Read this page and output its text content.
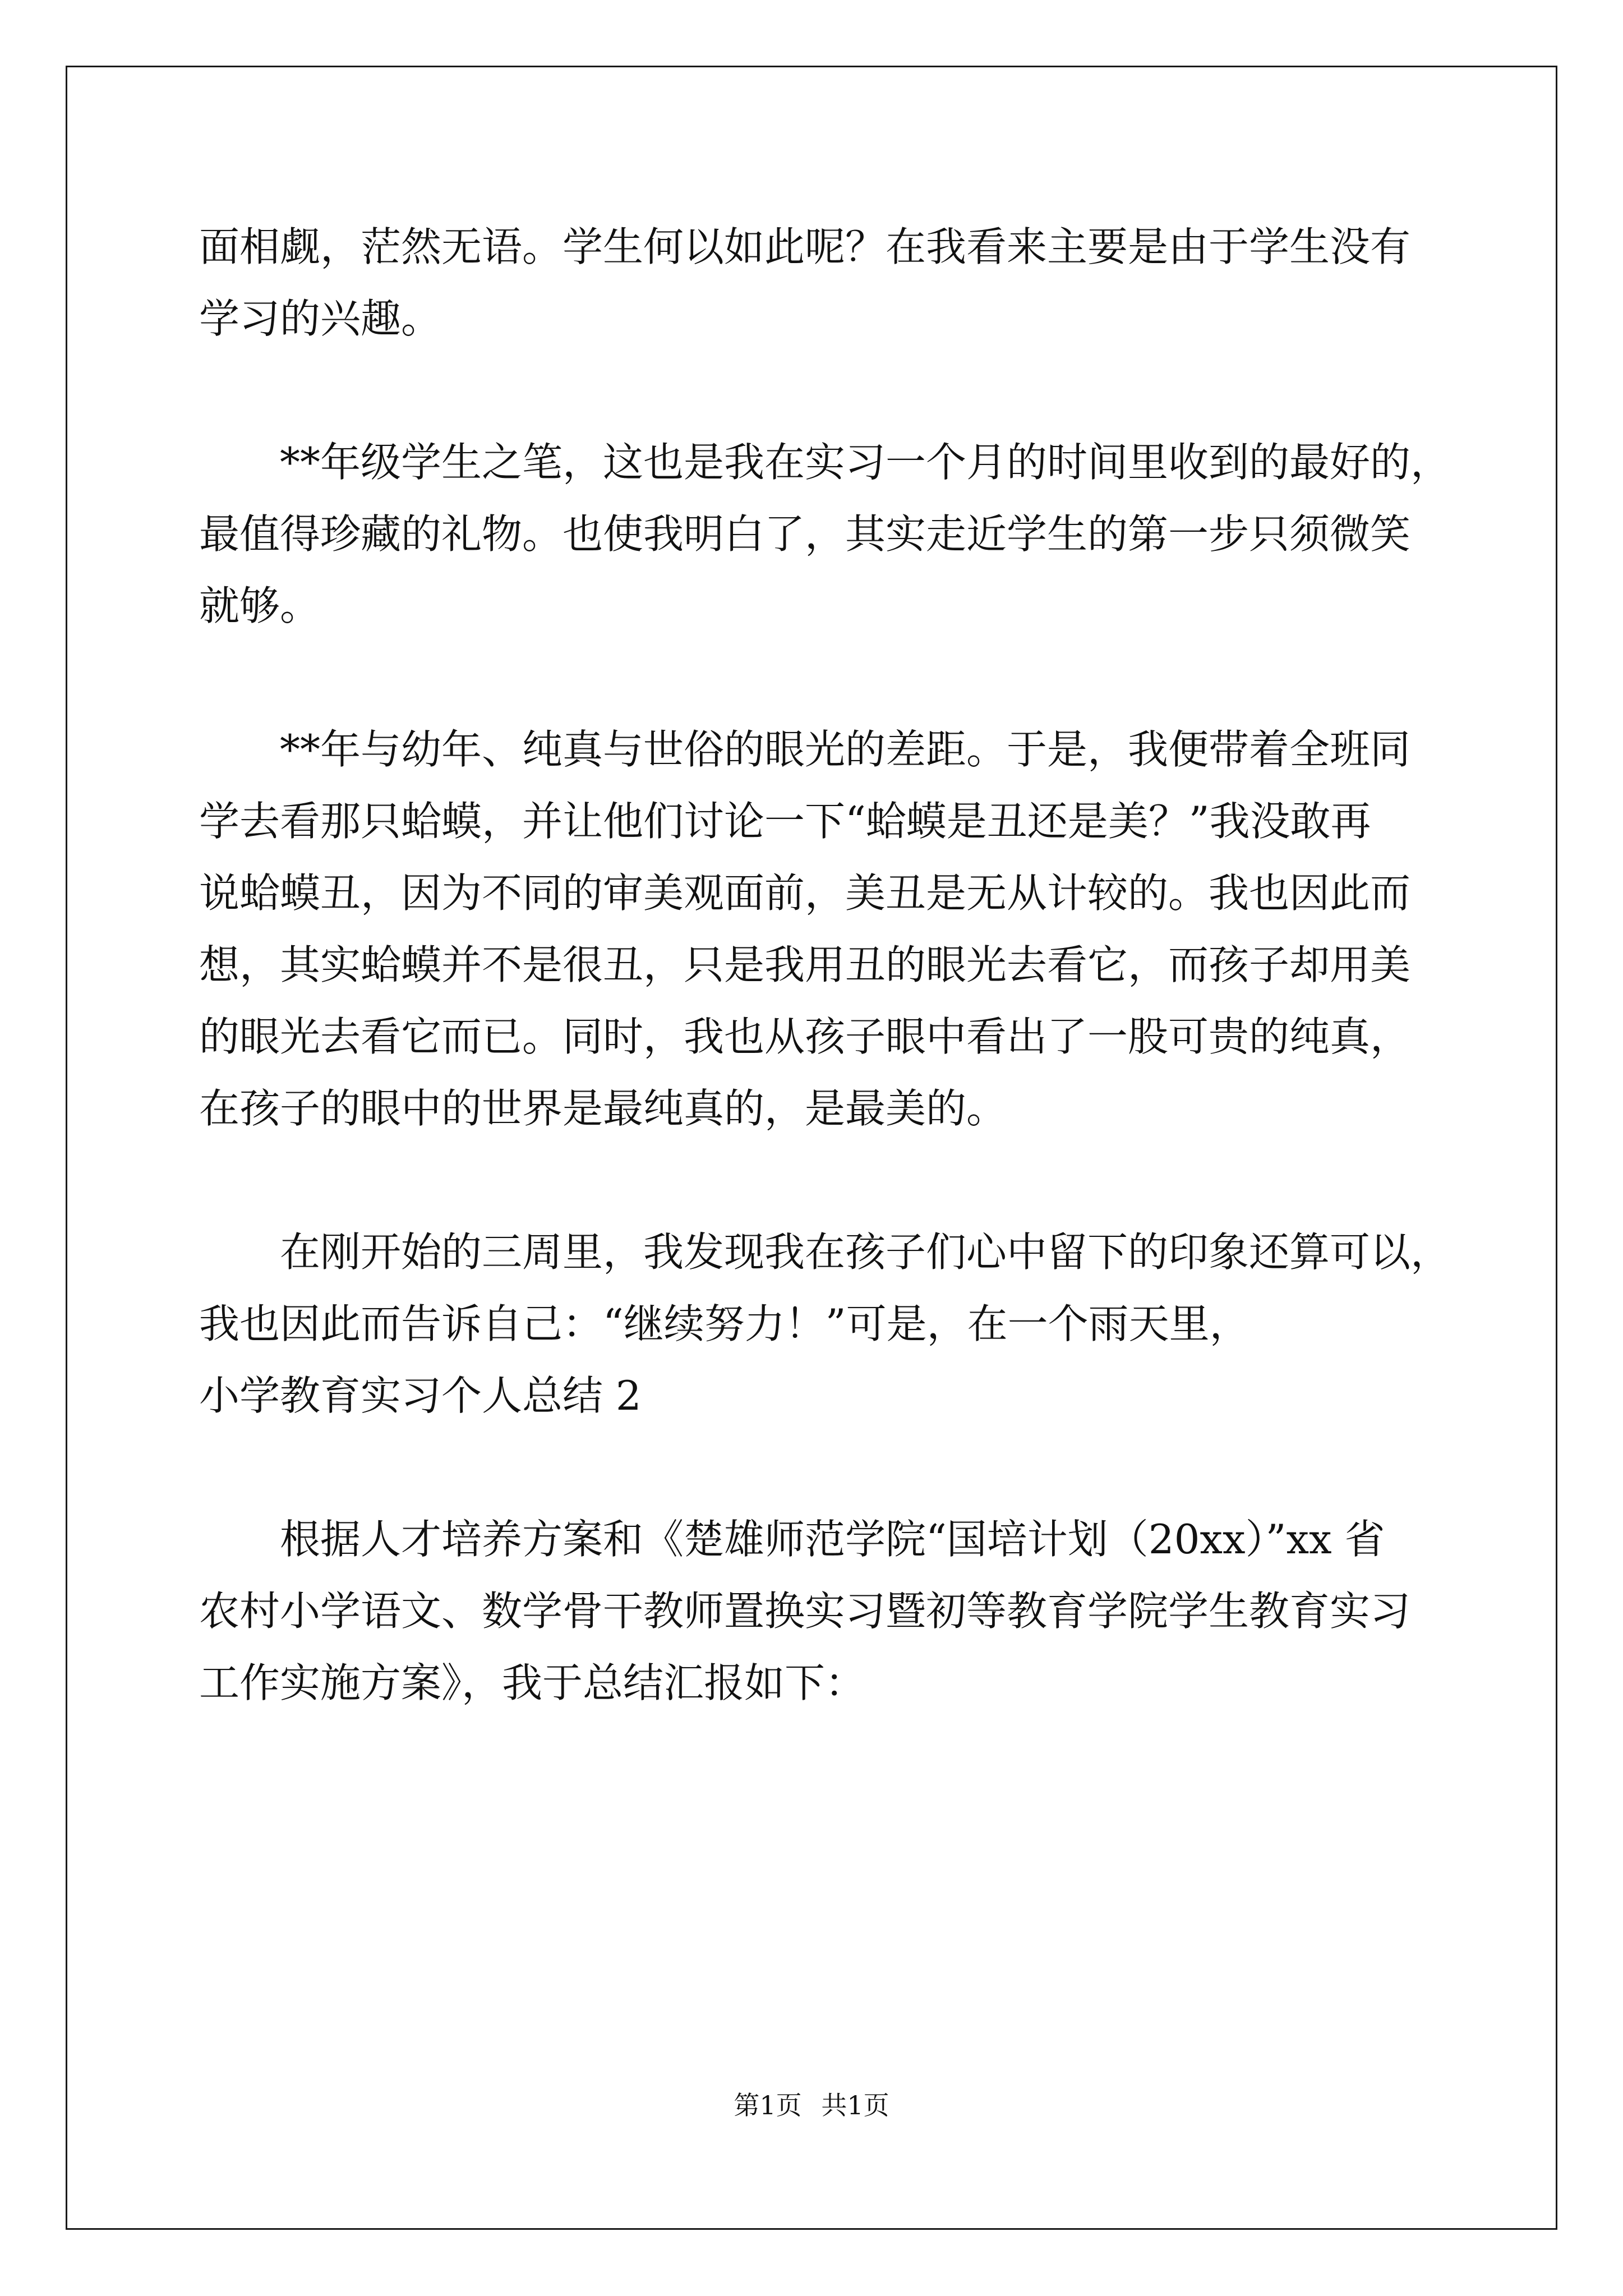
面相觑，茫然无语。学生何以如此呢？在我看来主要是由于学生没有
学习的兴趣。
**年级学生之笔，这也是我在实习一个月的时间里收到的最好的，
最值得珍藏的礼物。也使我明白了，其实走近学生的第一步只须微笑
就够。
**年与幼年、纯真与世俗的眼光的差距。于是，我便带着全班同
学去看那只蛤蟆，并让他们讨论一下“蛤蟆是丑还是美？”我没敢再
说蛤蟆丑，因为不同的审美观面前，美丑是无从计较的。我也因此而
想，其实蛤蟆并不是很丑，只是我用丑的眼光去看它，而孩子却用美
的眼光去看它而已。同时，我也从孩子眼中看出了一股可贵的纯真，
在孩子的眼中的世界是最纯真的，是最美的。
在刚开始的三周里，我发现我在孩子们心中留下的印象还算可以，
我也因此而告诉自己：“继续努力！”可是，在一个雨天里，
小学教育实习个人总结 2
根据人才培养方案和《楚雄师范学院“国培计划（20xx）”xx 省
农村小学语文、数学骨干教师置换实习暨初等教育学院学生教育实习
工作实施方案》，我于总结汇报如下：
第1页 共1页
